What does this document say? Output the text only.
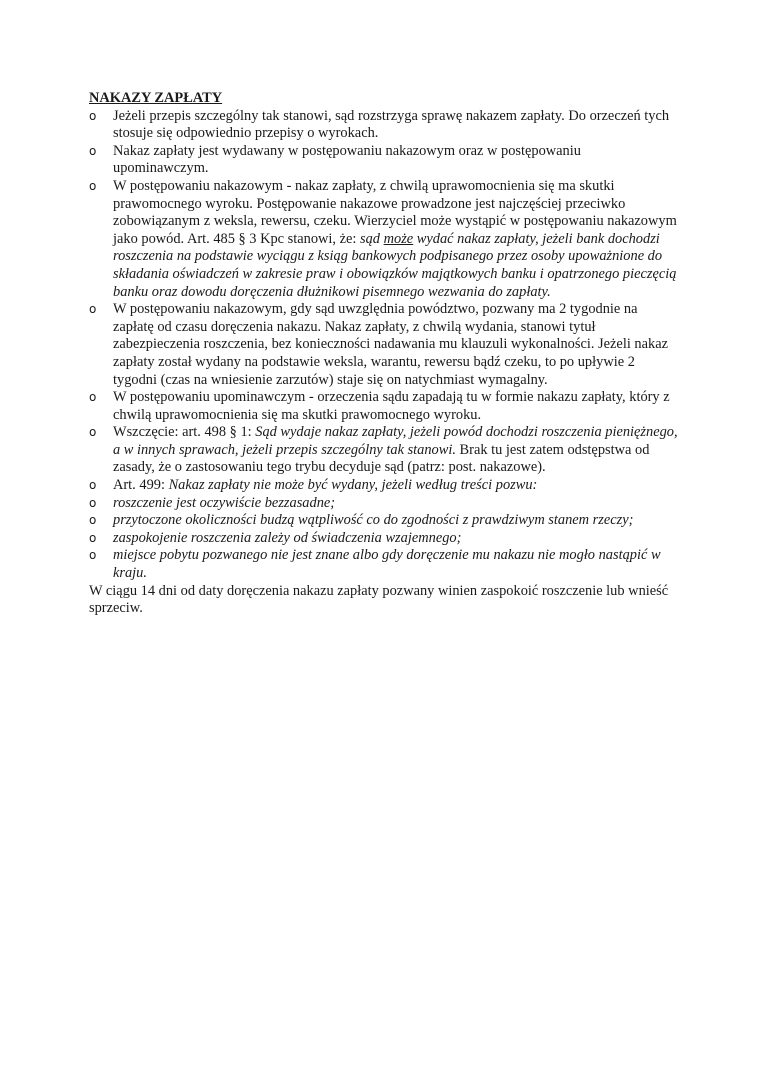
NAKAZY ZAPŁATY

o	Jeżeli przepis szczególny tak stanowi, sąd rozstrzyga sprawę nakazem zapłaty. Do orzeczeń tych stosuje się odpowiednio przepisy o wyrokach.
o	Nakaz zapłaty jest wydawany w postępowaniu nakazowym oraz w postępowaniu upominawczym.
o	W postępowaniu nakazowym - nakaz zapłaty, z chwilą uprawomocnienia się ma skutki prawomocnego wyroku. Postępowanie nakazowe prowadzone jest najczęściej przeciwko zobowiązanym z weksla, rewersu, czeku. Wierzyciel może wystąpić w postępowaniu nakazowym jako powód. Art. 485 § 3 Kpc stanowi, że: sąd może wydać nakaz zapłaty, jeżeli bank dochodzi roszczenia na podstawie wyciągu z ksiąg bankowych podpisanego przez osoby upoważnione do składania oświadczeń w zakresie praw i obowiązków majątkowych banku i opatrzonego pieczęcią banku oraz dowodu doręczenia dłużnikowi pisemnego wezwania do zapłaty.
o	W postępowaniu nakazowym, gdy sąd uwzględnia powództwo, pozwany ma 2 tygodnie na zapłatę od czasu doręczenia nakazu. Nakaz zapłaty, z chwilą wydania, stanowi tytuł zabezpieczenia roszczenia, bez konieczności nadawania mu klauzuli wykonalności. Jeżeli nakaz zapłaty został wydany na podstawie weksla, warantu, rewersu bądź czeku, to po upływie 2 tygodni (czas na wniesienie zarzutów) staje się on natychmiast wymagalny.
o	W postępowaniu upominawczym - orzeczenia sądu zapadają tu w formie nakazu zapłaty, który z chwilą uprawomocnienia się ma skutki prawomocnego wyroku.
o	Wszczęcie: art. 498 § 1: Sąd wydaje nakaz zapłaty, jeżeli powód dochodzi roszczenia pieniężnego, a w innych sprawach, jeżeli przepis szczególny tak stanowi. Brak tu jest zatem odstępstwa od zasady, że o zastosowaniu tego trybu decyduje sąd (patrz: post. nakazowe).
o	Art. 499: Nakaz zapłaty nie może być wydany, jeżeli według treści pozwu:
o	roszczenie jest oczywiście bezzasadne;
o	przytoczone okoliczności budzą wątpliwość co do zgodności z prawdziwym stanem rzeczy;
o	zaspokojenie roszczenia zależy od świadczenia wzajemnego;
o	miejsce pobytu pozwanego nie jest znane albo gdy doręczenie mu nakazu nie mogło nastąpić w kraju.

W ciągu 14 dni od daty doręczenia nakazu zapłaty pozwany winien zaspokoić roszczenie lub wnieść sprzeciw.
